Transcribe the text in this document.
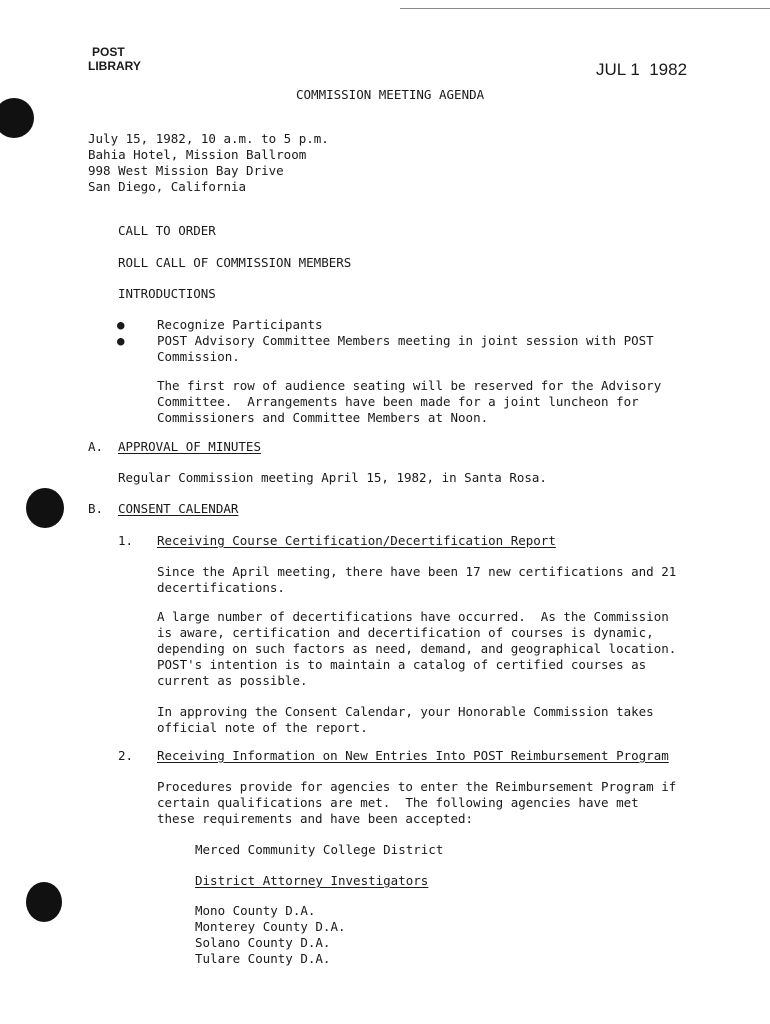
POST
LIBRARY	JUL 1  1982
COMMISSION MEETING AGENDA
July 15, 1982, 10 a.m. to 5 p.m.
Bahia Hotel, Mission Ballroom
998 West Mission Bay Drive
San Diego, California
CALL TO ORDER
ROLL CALL OF COMMISSION MEMBERS
INTRODUCTIONS
●	Recognize Participants
●	POST Advisory Committee Members meeting in joint session with POST
Commission.
The first row of audience seating will be reserved for the Advisory
Committee.  Arrangements have been made for a joint luncheon for
Commissioners and Committee Members at Noon.
A. APPROVAL OF MINUTES
Regular Commission meeting April 15, 1982, in Santa Rosa.
B. CONSENT CALENDAR
1. Receiving Course Certification/Decertification Report
Since the April meeting, there have been 17 new certifications and 21
decertifications.
A large number of decertifications have occurred.  As the Commission
is aware, certification and decertification of courses is dynamic,
depending on such factors as need, demand, and geographical location.
POST's intention is to maintain a catalog of certified courses as
current as possible.
In approving the Consent Calendar, your Honorable Commission takes
official note of the report.
2. Receiving Information on New Entries Into POST Reimbursement Program
Procedures provide for agencies to enter the Reimbursement Program if
certain qualifications are met.  The following agencies have met
these requirements and have been accepted:
Merced Community College District
District Attorney Investigators
Mono County D.A.
Monterey County D.A.
Solano County D.A.
Tulare County D.A.
